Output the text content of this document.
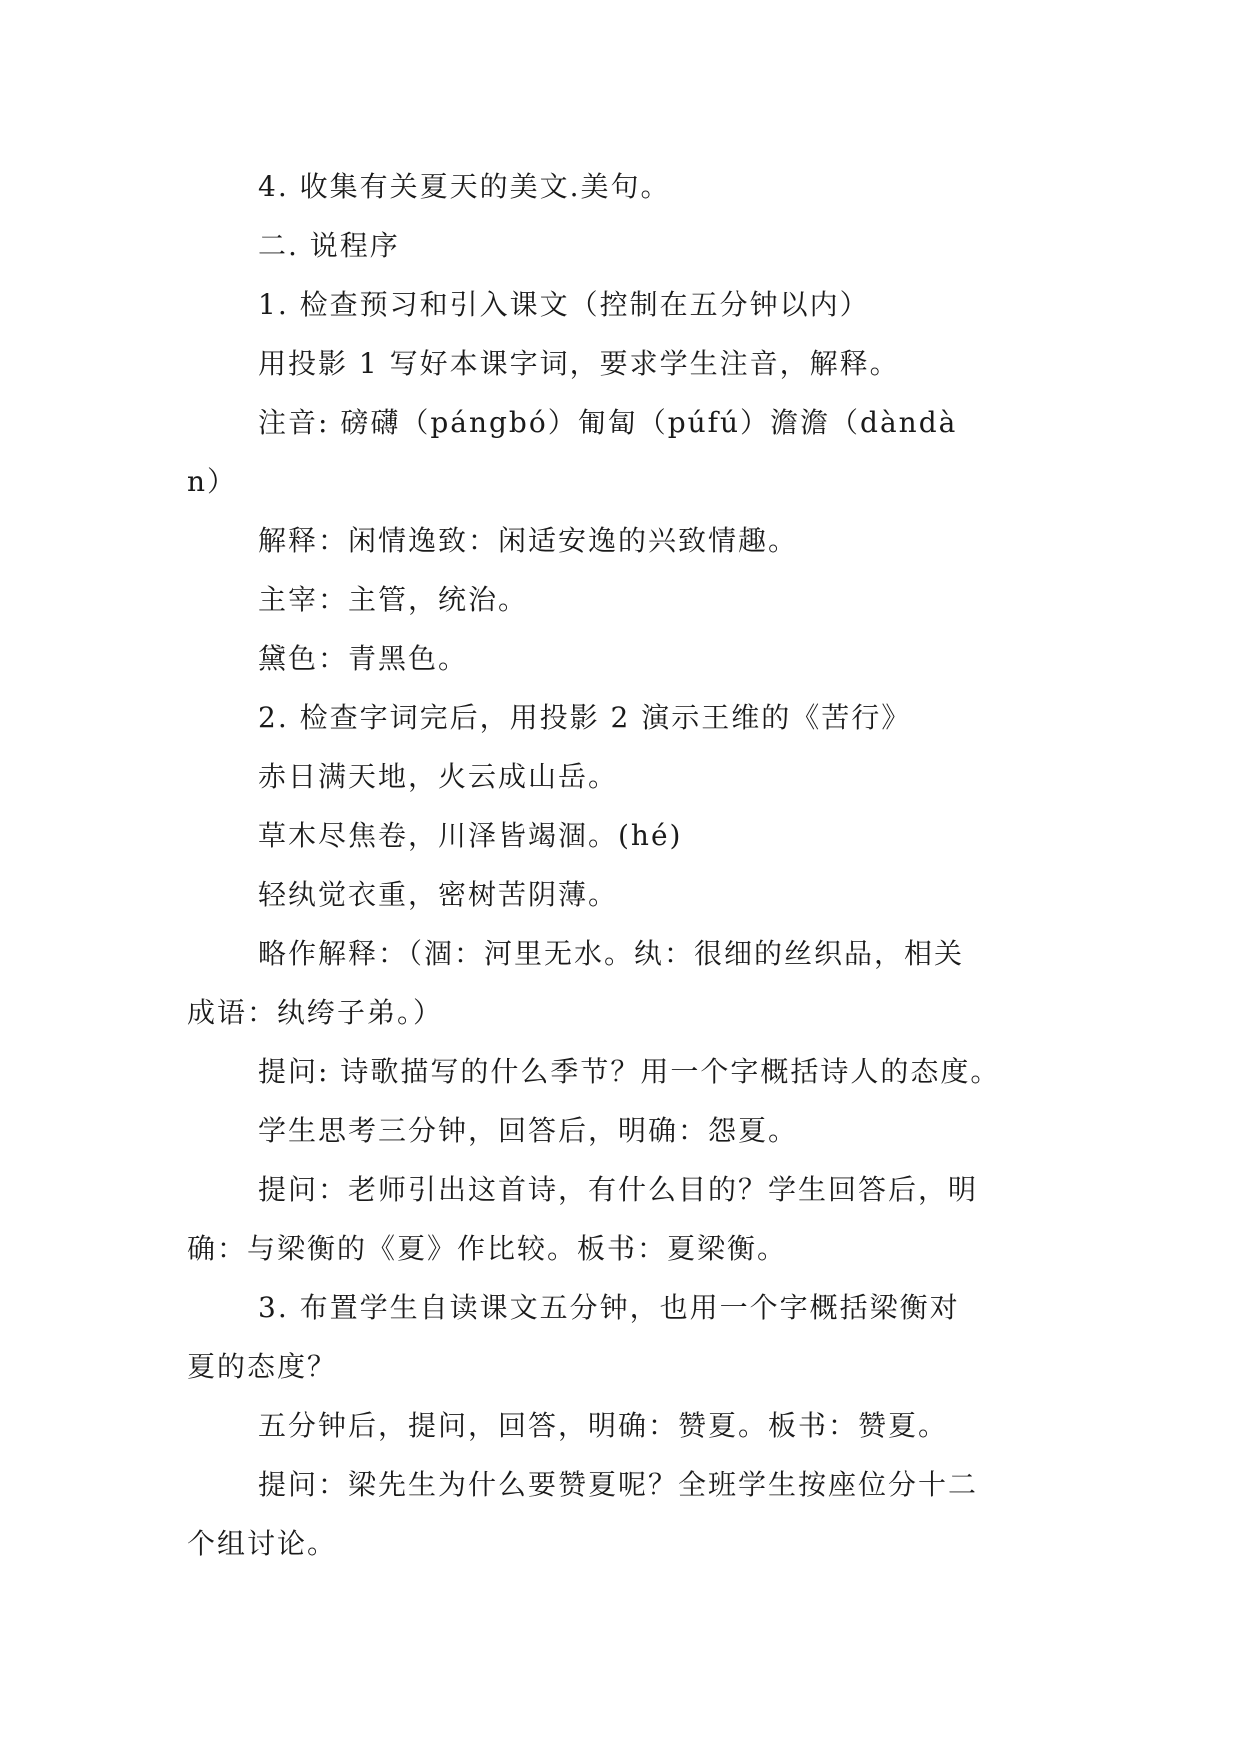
4. 收集有关夏天的美文.美句。
二. 说程序
1. 检查预习和引入课文（控制在五分钟以内）
用投影 1 写好本课字词，要求学生注音，解释。
注音: 磅礴（pángbó）匍匐（púfú）澹澹（dàndà
n）
解释：闲情逸致：闲适安逸的兴致情趣。
主宰：主管，统治。
黛色：青黑色。
2. 检查字词完后，用投影 2 演示王维的《苦行》
赤日满天地，火云成山岳。
草木尽焦卷，川泽皆竭涸。(hé)
轻纨觉衣重，密树苦阴薄。
略作解释：（涸：河里无水。纨：很细的丝织品，相关
成语：纨绔子弟。）
提问: 诗歌描写的什么季节？用一个字概括诗人的态度。
学生思考三分钟，回答后，明确：怨夏。
提问：老师引出这首诗，有什么目的？学生回答后，明
确：与梁衡的《夏》作比较。板书：夏梁衡。
3. 布置学生自读课文五分钟，也用一个字概括梁衡对
夏的态度？
五分钟后，提问，回答，明确：赞夏。板书：赞夏。
提问：梁先生为什么要赞夏呢？全班学生按座位分十二
个组讨论。
